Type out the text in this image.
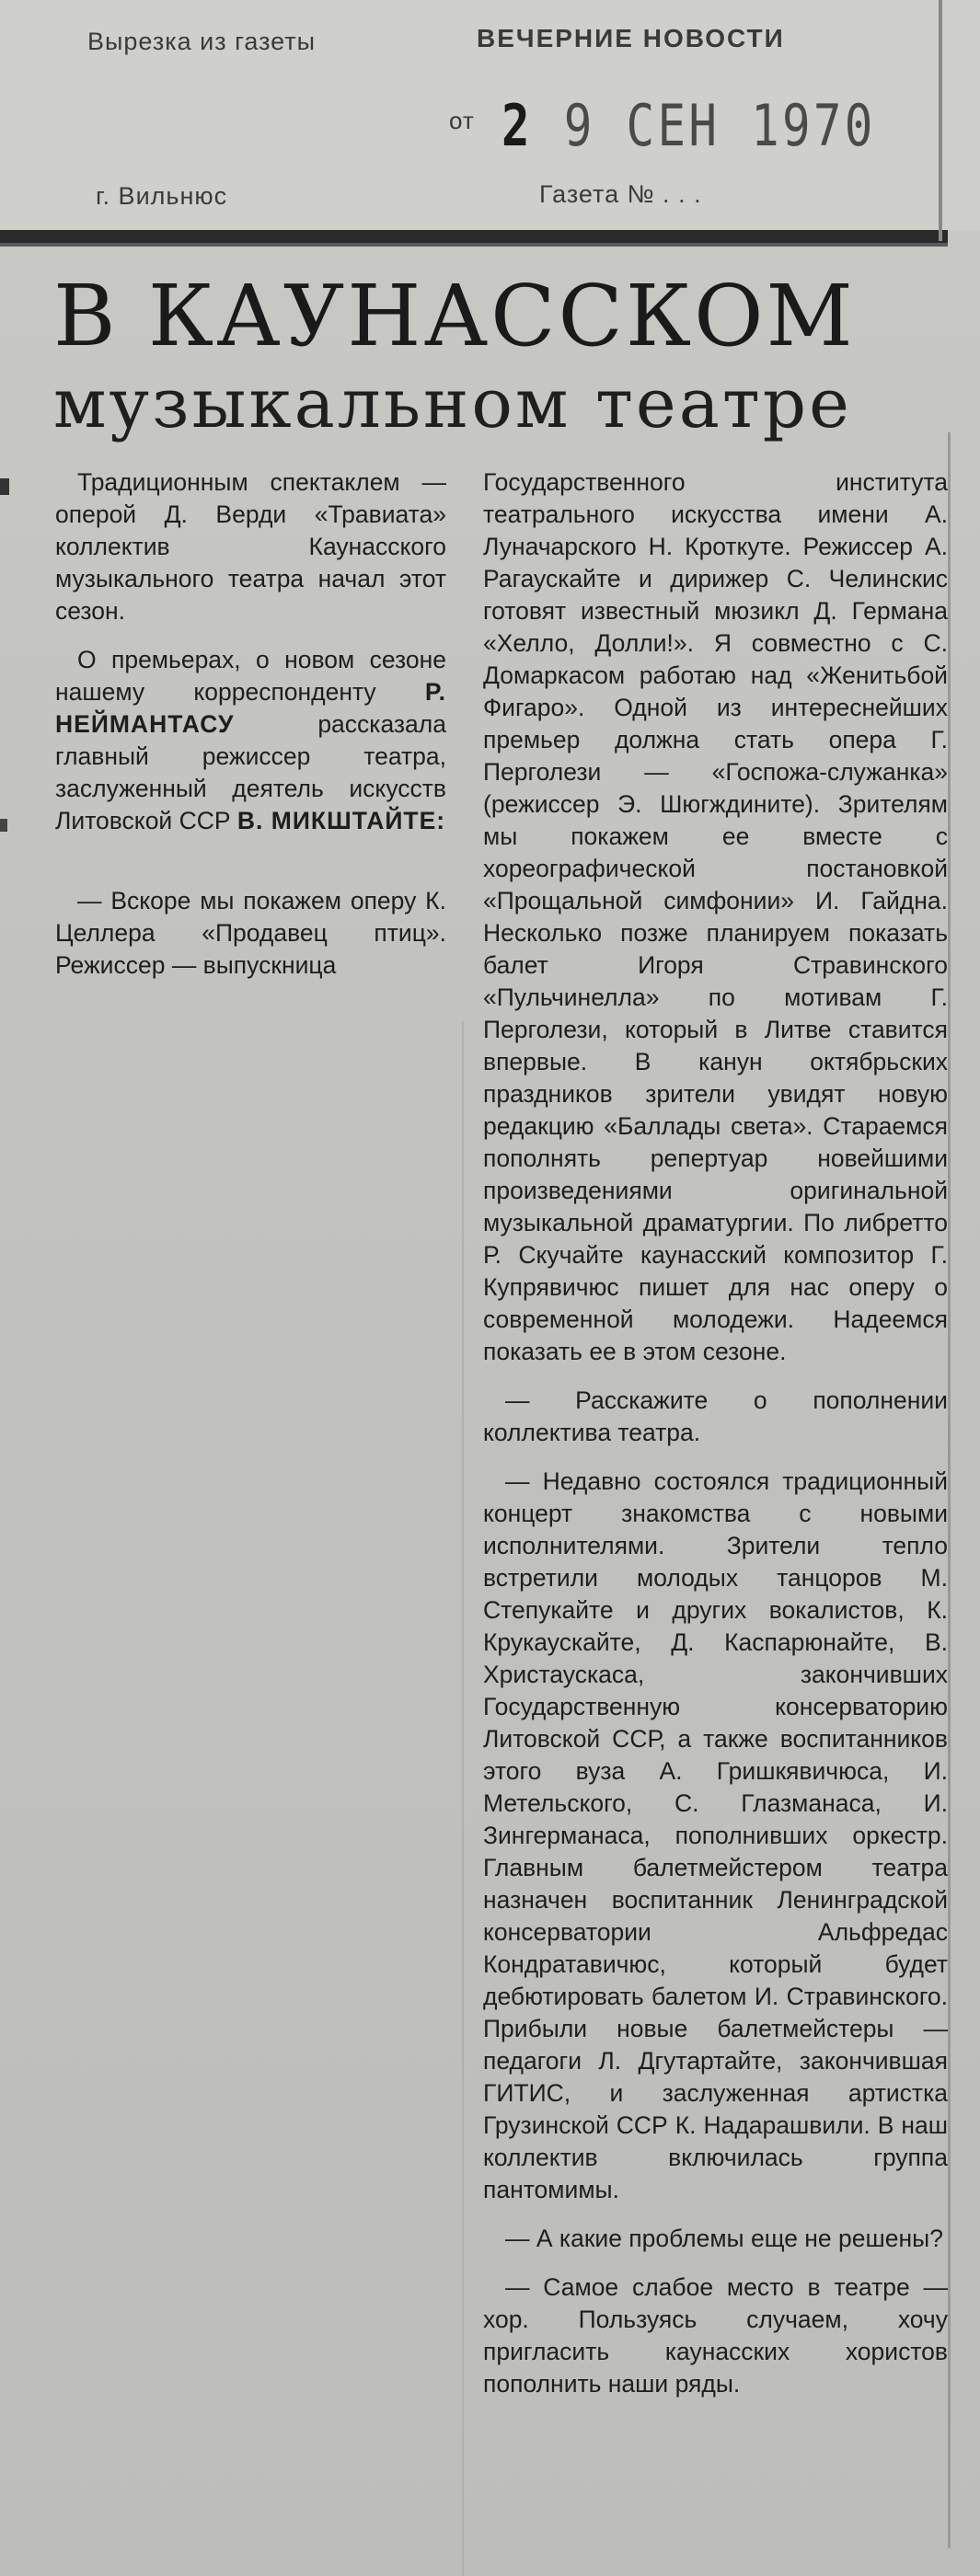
Вырезка из газеты	ВЕЧЕРНИЕ НОВОСТИ
от 2 9 СЕН 1970
г. Вильнюс	Газета № . . .
В КАУНАССКОМ
музыкальном театре

Традиционным спектаклем — оперой Д. Верди «Травиата» коллектив Каунасского музыкального театра начал этот сезон.

О премьерах, о новом сезоне нашему корреспонденту Р. НЕЙМАНТАСУ	рассказала главный режиссер театра, заслуженный деятель искусств Литовской ССР В. МИКШТАЙТЕ:

— Вскоре мы покажем оперу К. Целлера «Продавец птиц». Режиссер — выпускница

Государственного института театрального искусства имени А. Луначарского Н. Кроткуте. Режиссер А. Рагаускайте и дирижер С. Челинскис готовят известный мюзикл Д. Германа «Хелло, Долли!». Я совместно с С. Домаркасом работаю над «Женитьбой Фигаро». Одной из интереснейших премьер должна стать опера Г. Перголези — «Госпожа-служанка» (режиссер Э. Шюгждините). Зрителям мы покажем ее вместе с хореографической постановкой «Прощальной симфонии» И. Гайдна. Несколько позже планируем показать балет Игоря Стравинского «Пульчинелла» по мотивам Г. Перголези, который в Литве ставится впервые. В канун октябрьских праздников зрители увидят новую редакцию «Баллады света». Стараемся пополнять репертуар новейшими произведениями оригинальной музыкальной драматургии. По либретто Р. Скучайте каунасский композитор Г. Купрявичюс пишет для нас оперу о современной молодежи. Надеемся показать ее в этом сезоне.

— Расскажите о пополнении коллектива театра.

— Недавно состоялся традиционный концерт знакомства с новыми исполнителями. Зрители тепло встретили молодых танцоров М. Степукайте и других вокалистов, К. Крукаускайте, Д. Каспарюнайте, В. Христаускаса, закончивших Государственную консерваторию Литовской ССР, а также воспитанников этого вуза А. Гришкявичюса, И. Метельского, С. Глазманаса, И. Зингерманаса, пополнивших оркестр. Главным балетмейстером театра назначен воспитанник Ленинградской консерватории Альфредас Кондратавичюс, который будет дебютировать балетом И. Стравинского. Прибыли новые балетмейстеры — педагоги Л. Дгутартайте, закончившая ГИТИС, и заслуженная артистка Грузинской ССР К. Надарашвили. В наш коллектив включилась группа пантомимы.

— А какие проблемы еще не решены?

— Самое слабое место в театре — хор. Пользуясь случаем, хочу пригласить каунасских хористов пополнить наши ряды.
